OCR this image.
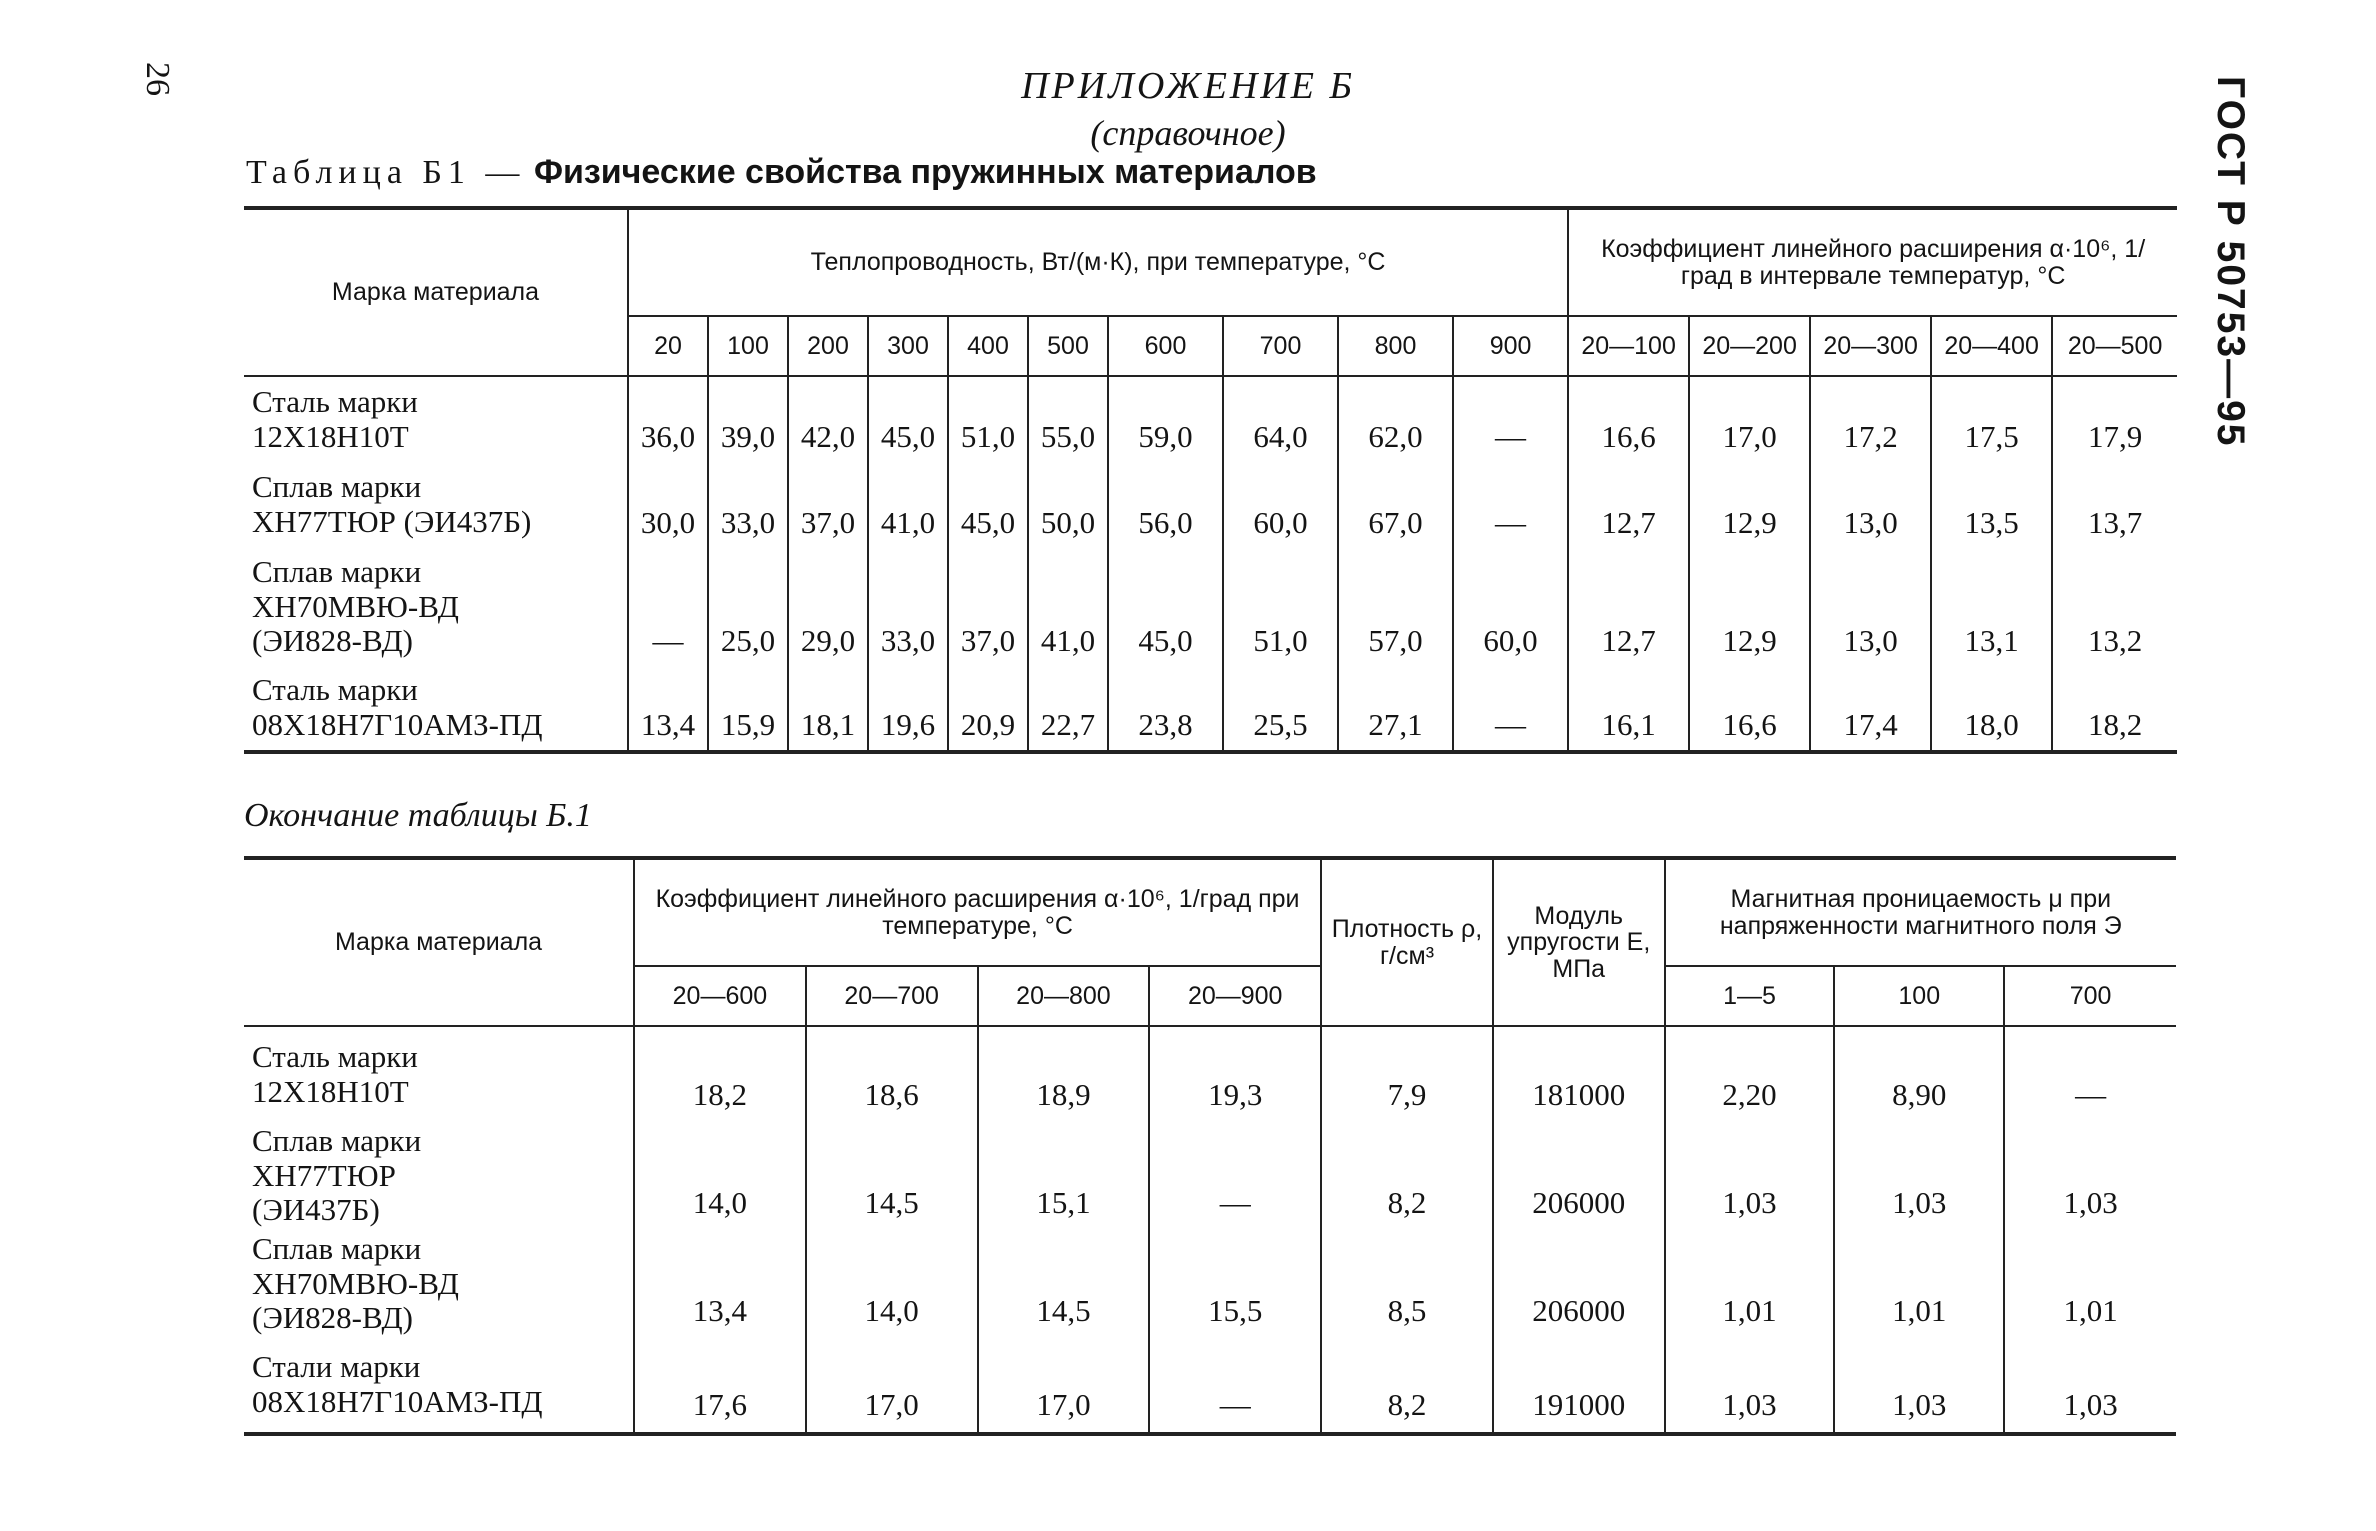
26	ГОСТ Р 50753—95
ПРИЛОЖЕНИЕ Б
(справочное)
Таблица Б1 — Физические свойства пружинных материалов
Марка материала	Теплопроводность, Вт/(м·К), при температуре, °С										Коэффициент линейного расширения α·10⁶, 1/град в интервале температур, °С				
	20	100	200	300	400	500	600	700	800	900	20—100	20—200	20—300	20—400	20—500

Сталь марки
12Х18Н10Т	36,0	39,0	42,0	45,0	51,0	55,0	59,0	64,0	62,0	—	16,6	17,0	17,2	17,5	17,9

Сплав марки
ХН77ТЮР (ЭИ437Б)	30,0	33,0	37,0	41,0	45,0	50,0	56,0	60,0	67,0	—	12,7	12,9	13,0	13,5	13,7

Сплав марки
ХН70МВЮ-ВД
(ЭИ828-ВД)	—	25,0	29,0	33,0	37,0	41,0	45,0	51,0	57,0	60,0	12,7	12,9	13,0	13,1	13,2

Сталь марки
08Х18Н7Г10АМЗ-ПД	13,4	15,9	18,1	19,6	20,9	22,7	23,8	25,5	27,1	—	16,1	16,6	17,4	18,0	18,2
Окончание таблицы Б.1
Марка материала	Коэффициент линейного расширения α·10⁶, 1/град при температуре, °С				Плотность ρ, г/см³	Модуль упругости Е, МПа	Магнитная проницаемость μ при напряженности магнитного поля Э		
	20—600	20—700	20—800	20—900			1—5	100	700

Сталь марки
12Х18Н10Т	18,2	18,6	18,9	19,3	7,9	181000	2,20	8,90	—

Сплав марки
ХН77ТЮР
(ЭИ437Б)	14,0	14,5	15,1	—	8,2	206000	1,03	1,03	1,03

Сплав марки
ХН70МВЮ-ВД
(ЭИ828-ВД)	13,4	14,0	14,5	15,5	8,5	206000	1,01	1,01	1,01

Стали марки
08Х18Н7Г10АМЗ-ПД	17,6	17,0	17,0	—	8,2	191000	1,03	1,03	1,03
